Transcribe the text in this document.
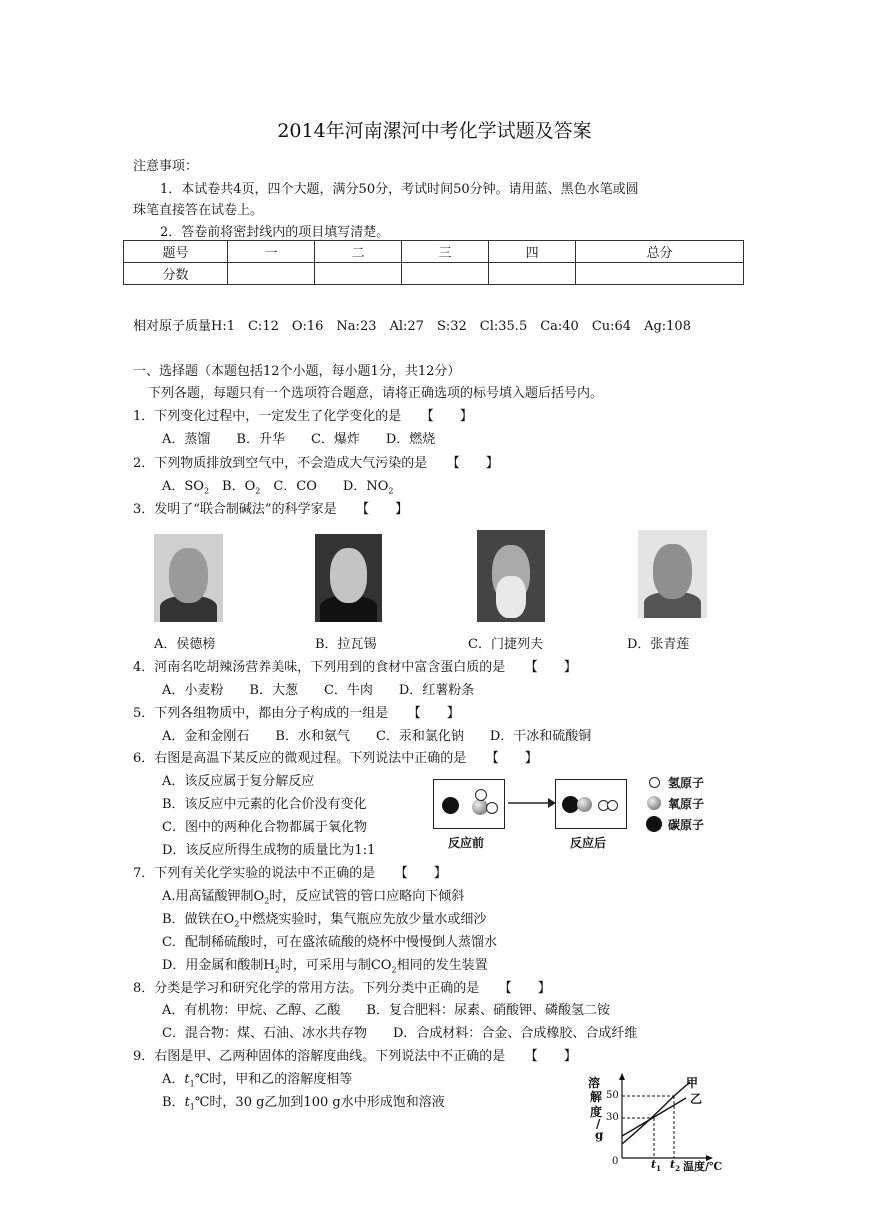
2014年河南漯河中考化学试题及答案
注意事项：
1．本试卷共4页，四个大题，满分50分，考试时间50分钟。请用蓝、黑色水笔或圆
珠笔直接答在试卷上。
2．答卷前将密封线内的项目填写清楚。
题号	一	二	三	四	总分
分数					
相对原子质量H:1　C:12　O:16　Na:23　Al:27　S:32　Cl:35.5　Ca:40　Cu:64　Ag:108
一、选择题（本题包括12个小题，每小题1分，共12分）
下列各题，每题只有一个选项符合题意，请将正确选项的标号填入题后括号内。
1．下列变化过程中，一定发生了化学变化的是　　【　　】
A．蒸馏　　B．升华　　C．爆炸　　D．燃烧
2．下列物质排放到空气中，不会造成大气污染的是　　【　　】
A．$SO_2$　B．$O_2$　C．CO　　D．$NO_2$
3．发明了“联合制碱法”的科学家是　　【　　】
A．侯德榜	B．拉瓦锡	C．门捷列夫	D．张青莲
4．河南名吃胡辣汤营养美味，下列用到的食材中富含蛋白质的是　　【　　】
A．小麦粉　　B．大葱　　C．牛肉　　D．红薯粉条
5．下列各组物质中，都由分子构成的一组是　　【　　】
A．金和金刚石　　B．水和氨气　　C．汞和氯化钠　　D．干冰和硫酸铜
6．右图是高温下某反应的微观过程。下列说法中正确的是　　【　　】
A．该反应属于复分解反应
B．该反应中元素的化合价没有变化
C．图中的两种化合物都属于氧化物
D．该反应所得生成物的质量比为1:1	反应前	反应后
氢原子
氧原子
碳原子
7．下列有关化学实验的说法中不正确的是　　【　　】
A.用高锰酸钾制$O_2$时，反应试管的管口应略向下倾斜
B．做铁在$O_2$中燃烧实验时，集气瓶应先放少量水或细沙
C．配制稀硫酸时，可在盛浓硫酸的烧杯中慢慢倒人蒸馏水
D．用金属和酸制$H_2$时，可采用与制$CO_2$相同的发生装置
8．分类是学习和研究化学的常用方法。下列分类中正确的是　　【　　】
A．有机物：甲烷、乙醇、乙酸　　B．复合肥料：尿素、硝酸钾、磷酸氢二铵
C．混合物：煤、石油、冰水共存物　　D．合成材料：合金、合成橡胶、合成纤维
9．右图是甲、乙两种固体的溶解度曲线。下列说法中不正确的是　　【　　】
A．$t_1℃$时，甲和乙的溶解度相等
B．$t_1℃$时，30 g乙加到100 g水中形成饱和溶液
溶
解
度
/
g
50
30
0	$t_1$ $t_2$ 温度/℃
甲
乙
